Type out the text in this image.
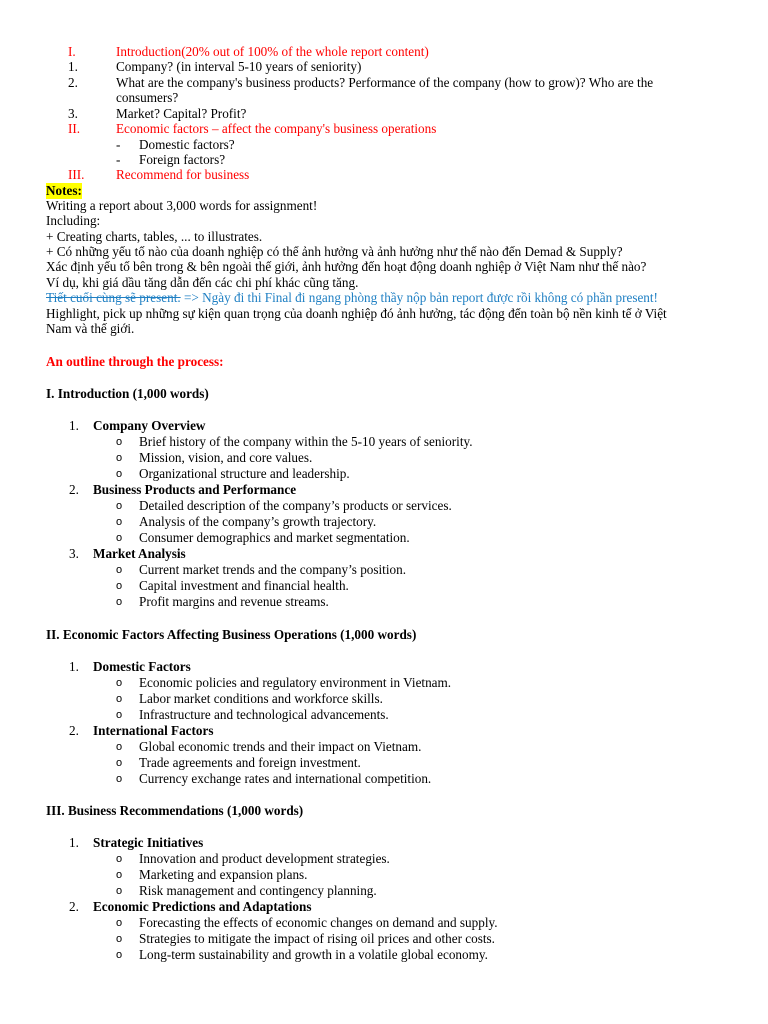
I.	Introduction(20% out of 100% of the whole report content)
1.	Company? (in interval 5-10 years of seniority)
2.	What are the company's business products? Performance of the company (how to grow)? Who are the
consumers?
3.	Market? Capital? Profit?
II.	Economic factors – affect the company's business operations
- Domestic factors?
- Foreign factors?
III. Recommend for business
Notes:
Writing a report about 3,000 words for assignment!
Including:
+ Creating charts, tables, ... to illustrates.
+ Có những yếu tố nào của doanh nghiệp có thể ảnh hưởng và ảnh hưởng như thế nào đến Demad & Supply?
Xác định yếu tố bên trong & bên ngoài thế giới, ảnh hưởng đến hoạt động doanh nghiệp ở Việt Nam như thế nào?
Ví dụ, khi giá dầu tăng dẫn đến các chi phí khác cũng tăng.
Tiết cuối cùng sẽ present. => Ngày đi thi Final đi ngang phòng thầy nộp bản report được rồi không có phần present!
Highlight, pick up những sự kiện quan trọng của doanh nghiệp đó ảnh hưởng, tác động đến toàn bộ nền kinh tế ở Việt
Nam và thế giới.
An outline through the process:
I. Introduction (1,000 words)
1. Company Overview
o Brief history of the company within the 5-10 years of seniority.
o Mission, vision, and core values.
o Organizational structure and leadership.
2. Business Products and Performance
o Detailed description of the company’s products or services.
o Analysis of the company’s growth trajectory.
o Consumer demographics and market segmentation.
3. Market Analysis
o Current market trends and the company’s position.
o Capital investment and financial health.
o Profit margins and revenue streams.
II. Economic Factors Affecting Business Operations (1,000 words)
1. Domestic Factors
o Economic policies and regulatory environment in Vietnam.
o Labor market conditions and workforce skills.
o Infrastructure and technological advancements.
2. International Factors
o Global economic trends and their impact on Vietnam.
o Trade agreements and foreign investment.
o Currency exchange rates and international competition.
III. Business Recommendations (1,000 words)
1. Strategic Initiatives
o Innovation and product development strategies.
o Marketing and expansion plans.
o Risk management and contingency planning.
2. Economic Predictions and Adaptations
o Forecasting the effects of economic changes on demand and supply.
o Strategies to mitigate the impact of rising oil prices and other costs.
o Long-term sustainability and growth in a volatile global economy.
